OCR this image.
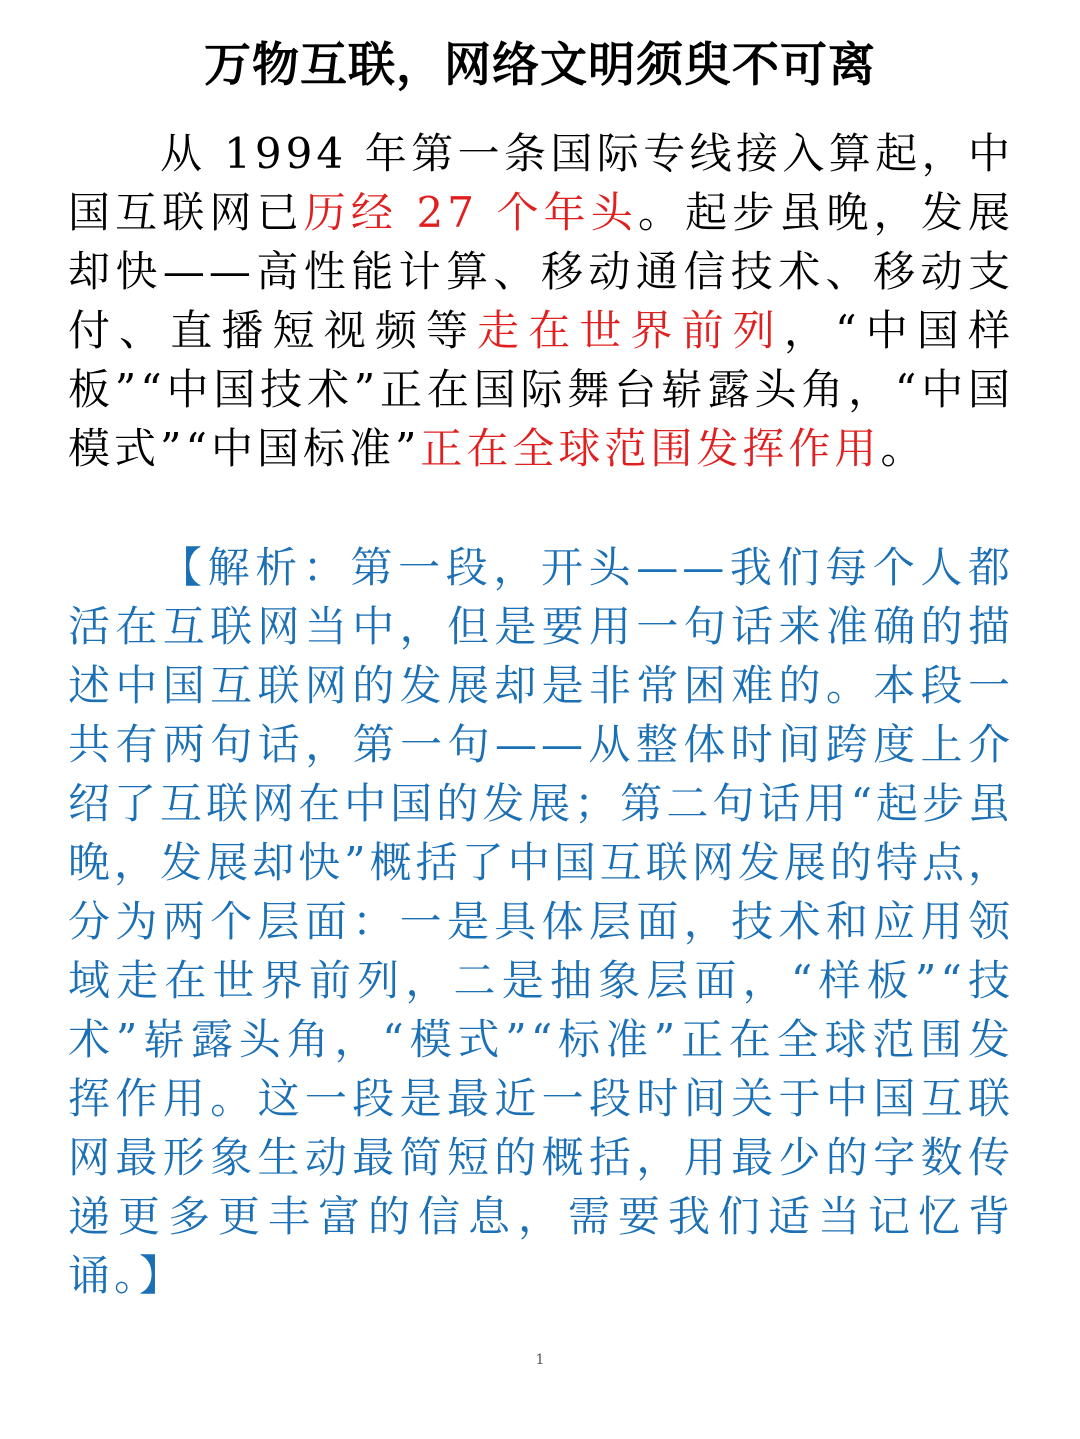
万物互联，网络文明须臾不可离

从 1994 年第一条国际专线接入算起，中国互联网已历经 27 个年头。起步虽晚，发展却快——高性能计算、移动通信技术、移动支付、直播短视频等走在世界前列，“中国样板”“中国技术”正在国际舞台崭露头角，“中国模式”“中国标准”正在全球范围发挥作用。

【解析：第一段，开头——我们每个人都活在互联网当中，但是要用一句话来准确的描述中国互联网的发展却是非常困难的。本段一共有两句话，第一句——从整体时间跨度上介绍了互联网在中国的发展；第二句话用“起步虽晚，发展却快”概括了中国互联网发展的特点，分为两个层面：一是具体层面，技术和应用领域走在世界前列，二是抽象层面，“样板”“技术”崭露头角，“模式”“标准”正在全球范围发挥作用。这一段是最近一段时间关于中国互联网最形象生动最简短的概括，用最少的字数传递更多更丰富的信息，需要我们适当记忆背诵。】

1
